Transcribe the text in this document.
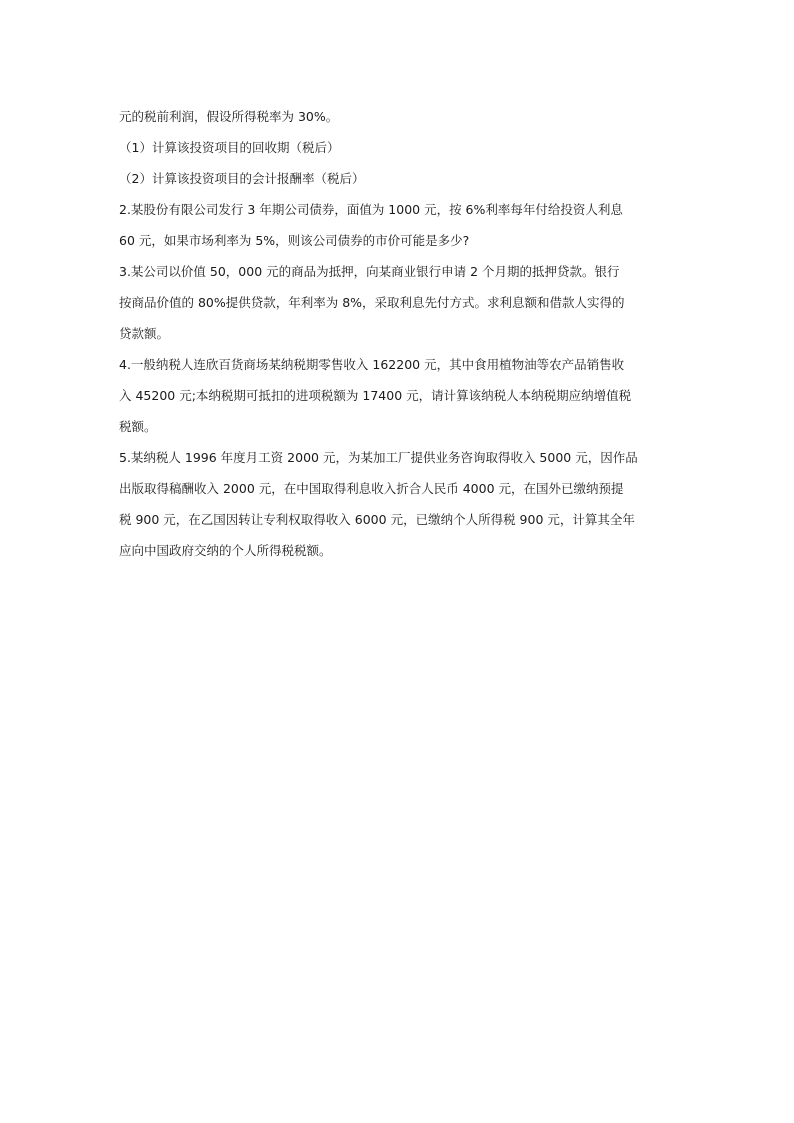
元的税前利润，假设所得税率为 30%。
（1）计算该投资项目的回收期（税后）
（2）计算该投资项目的会计报酬率（税后）
2.某股份有限公司发行 3 年期公司债券，面值为 1000 元，按 6%利率每年付给投资人利息
60 元，如果市场利率为 5%，则该公司债券的市价可能是多少?
3.某公司以价值 50，000 元的商品为抵押，向某商业银行申请 2 个月期的抵押贷款。银行
按商品价值的 80%提供贷款，年利率为 8%，采取利息先付方式。求利息额和借款人实得的
贷款额。
4.一般纳税人连欣百货商场某纳税期零售收入 162200 元，其中食用植物油等农产品销售收
入 45200 元;本纳税期可抵扣的进项税额为 17400 元，请计算该纳税人本纳税期应纳增值税
税额。
5.某纳税人 1996 年度月工资 2000 元，为某加工厂提供业务咨询取得收入 5000 元，因作品
出版取得稿酬收入 2000 元，在中国取得利息收入折合人民币 4000 元，在国外已缴纳预提
税 900 元，在乙国因转让专利权取得收入 6000 元，已缴纳个人所得税 900 元，计算其全年
应向中国政府交纳的个人所得税税额。
